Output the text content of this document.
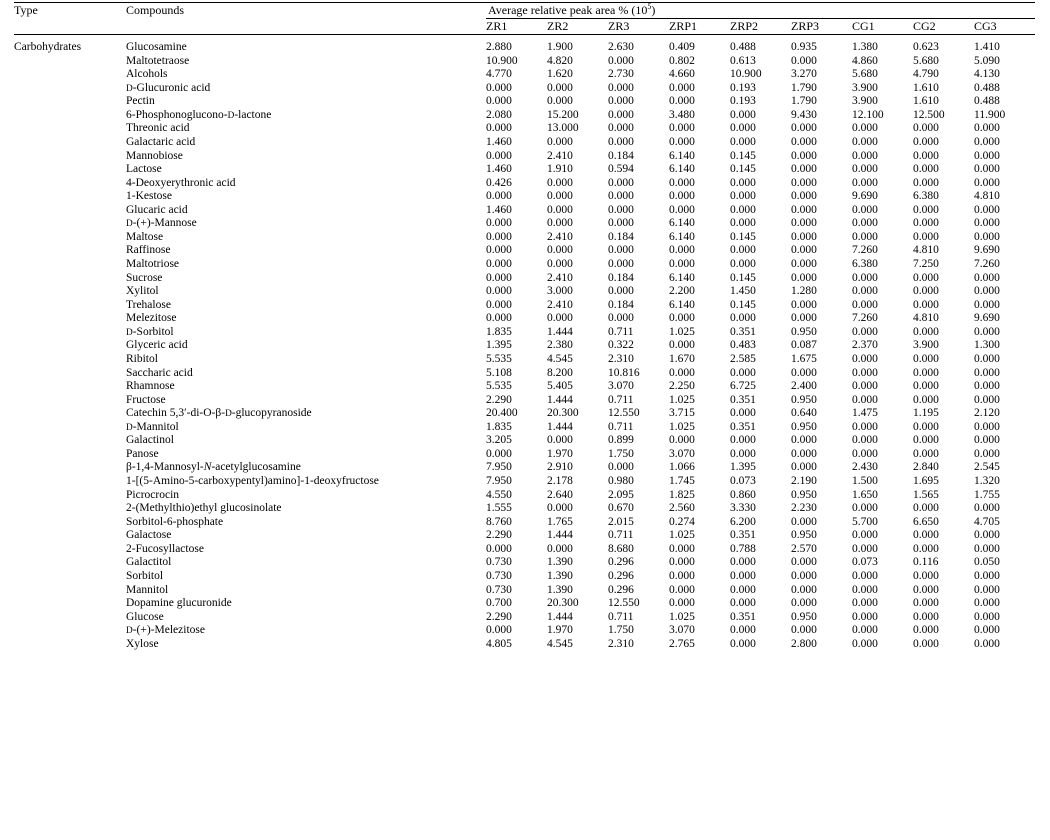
Type	Compounds	Average relative peak area % $(10^5)$								

		ZR1	ZR2	ZR3	ZRP1	ZRP2	ZRP3	CG1	CG2	CG3

Carbohydrates	Glucosamine	2.880	1.900	2.630	0.409	0.488	0.935	1.380	0.623	1.410
	Maltotetraose	10.900	4.820	0.000	0.802	0.613	0.000	4.860	5.680	5.090
	Alcohols	4.770	1.620	2.730	4.660	10.900	3.270	5.680	4.790	4.130
	D-Glucuronic acid	0.000	0.000	0.000	0.000	0.193	1.790	3.900	1.610	0.488
	Pectin	0.000	0.000	0.000	0.000	0.193	1.790	3.900	1.610	0.488
	6-Phosphonoglucono-D-lactone	2.080	15.200	0.000	3.480	0.000	9.430	12.100	12.500	11.900
	Threonic acid	0.000	13.000	0.000	0.000	0.000	0.000	0.000	0.000	0.000
	Galactaric acid	1.460	0.000	0.000	0.000	0.000	0.000	0.000	0.000	0.000
	Mannobiose	0.000	2.410	0.184	6.140	0.145	0.000	0.000	0.000	0.000
	Lactose	1.460	1.910	0.594	6.140	0.145	0.000	0.000	0.000	0.000
	4-Deoxyerythronic acid	0.426	0.000	0.000	0.000	0.000	0.000	0.000	0.000	0.000
	1-Kestose	0.000	0.000	0.000	0.000	0.000	0.000	9.690	6.380	4.810
	Glucaric acid	1.460	0.000	0.000	0.000	0.000	0.000	0.000	0.000	0.000
	D-(+)-Mannose	0.000	0.000	0.000	6.140	0.000	0.000	0.000	0.000	0.000
	Maltose	0.000	2.410	0.184	6.140	0.145	0.000	0.000	0.000	0.000
	Raffinose	0.000	0.000	0.000	0.000	0.000	0.000	7.260	4.810	9.690
	Maltotriose	0.000	0.000	0.000	0.000	0.000	0.000	6.380	7.250	7.260
	Sucrose	0.000	2.410	0.184	6.140	0.145	0.000	0.000	0.000	0.000
	Xylitol	0.000	3.000	0.000	2.200	1.450	1.280	0.000	0.000	0.000
	Trehalose	0.000	2.410	0.184	6.140	0.145	0.000	0.000	0.000	0.000
	Melezitose	0.000	0.000	0.000	0.000	0.000	0.000	7.260	4.810	9.690
	D-Sorbitol	1.835	1.444	0.711	1.025	0.351	0.950	0.000	0.000	0.000
	Glyceric acid	1.395	2.380	0.322	0.000	0.483	0.087	2.370	3.900	1.300
	Ribitol	5.535	4.545	2.310	1.670	2.585	1.675	0.000	0.000	0.000
	Saccharic acid	5.108	8.200	10.816	0.000	0.000	0.000	0.000	0.000	0.000
	Rhamnose	5.535	5.405	3.070	2.250	6.725	2.400	0.000	0.000	0.000
	Fructose	2.290	1.444	0.711	1.025	0.351	0.950	0.000	0.000	0.000
	Catechin 5,3′-di-O-β-D-glucopyranoside	20.400	20.300	12.550	3.715	0.000	0.640	1.475	1.195	2.120
	D-Mannitol	1.835	1.444	0.711	1.025	0.351	0.950	0.000	0.000	0.000
	Galactinol	3.205	0.000	0.899	0.000	0.000	0.000	0.000	0.000	0.000
	Panose	0.000	1.970	1.750	3.070	0.000	0.000	0.000	0.000	0.000
	β-1,4-Mannosyl-N-acetylglucosamine	7.950	2.910	0.000	1.066	1.395	0.000	2.430	2.840	2.545
	1-[(5-Amino-5-carboxypentyl)amino]-1-deoxyfructose	7.950	2.178	0.980	1.745	0.073	2.190	1.500	1.695	1.320
	Picrocrocin	4.550	2.640	2.095	1.825	0.860	0.950	1.650	1.565	1.755
	2-(Methylthio)ethyl glucosinolate	1.555	0.000	0.670	2.560	3.330	2.230	0.000	0.000	0.000
	Sorbitol-6-phosphate	8.760	1.765	2.015	0.274	6.200	0.000	5.700	6.650	4.705
	Galactose	2.290	1.444	0.711	1.025	0.351	0.950	0.000	0.000	0.000
	2-Fucosyllactose	0.000	0.000	8.680	0.000	0.788	2.570	0.000	0.000	0.000
	Galactitol	0.730	1.390	0.296	0.000	0.000	0.000	0.073	0.116	0.050
	Sorbitol	0.730	1.390	0.296	0.000	0.000	0.000	0.000	0.000	0.000
	Mannitol	0.730	1.390	0.296	0.000	0.000	0.000	0.000	0.000	0.000
	Dopamine glucuronide	0.700	20.300	12.550	0.000	0.000	0.000	0.000	0.000	0.000
	Glucose	2.290	1.444	0.711	1.025	0.351	0.950	0.000	0.000	0.000
	D-(+)-Melezitose	0.000	1.970	1.750	3.070	0.000	0.000	0.000	0.000	0.000
	Xylose	4.805	4.545	2.310	2.765	0.000	2.800	0.000	0.000	0.000
